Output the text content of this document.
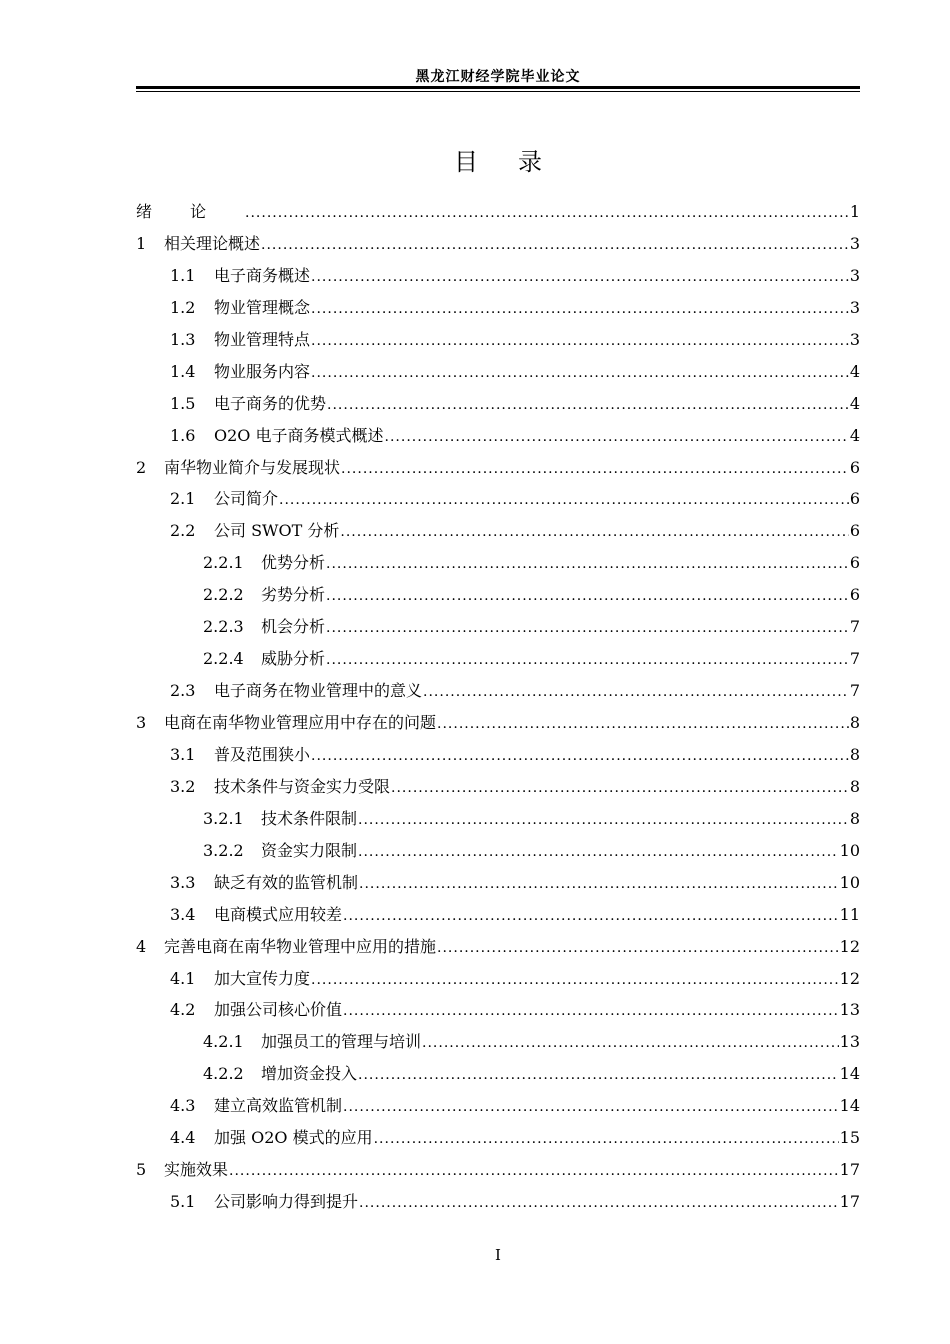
黑龙江财经学院毕业论文
目录
绪论 .....	1
1	相关理论概述 .....	3
1.1	电子商务概述 .....	3
1.2	物业管理概念 .....	3
1.3	物业管理特点 .....	3
1.4	物业服务内容 .....	4
1.5	电子商务的优势 .....	4
1.6	O2O 电子商务模式概述 .....	4
2	南华物业简介与发展现状 .....	6
2.1	公司简介 .....	6
2.2	公司 SWOT 分析 .....	6
2.2.1	优势分析 .....	6
2.2.2	劣势分析 .....	6
2.2.3	机会分析 .....	7
2.2.4	威胁分析 .....	7
2.3	电子商务在物业管理中的意义 .....	7
3	电商在南华物业管理应用中存在的问题 .....	8
3.1	普及范围狭小 .....	8
3.2	技术条件与资金实力受限 .....	8
3.2.1	技术条件限制 .....	8
3.2.2	资金实力限制 .....	10
3.3	缺乏有效的监管机制 .....	10
3.4	电商模式应用较差 .....	11
4	完善电商在南华物业管理中应用的措施 .....	12
4.1	加大宣传力度 .....	12
4.2	加强公司核心价值 .....	13
4.2.1	加强员工的管理与培训 .....	13
4.2.2	增加资金投入 .....	14
4.3	建立高效监管机制 .....	14
4.4	加强 O2O 模式的应用 .....	15
5	实施效果 .....	17
5.1	公司影响力得到提升 .....	17
I
